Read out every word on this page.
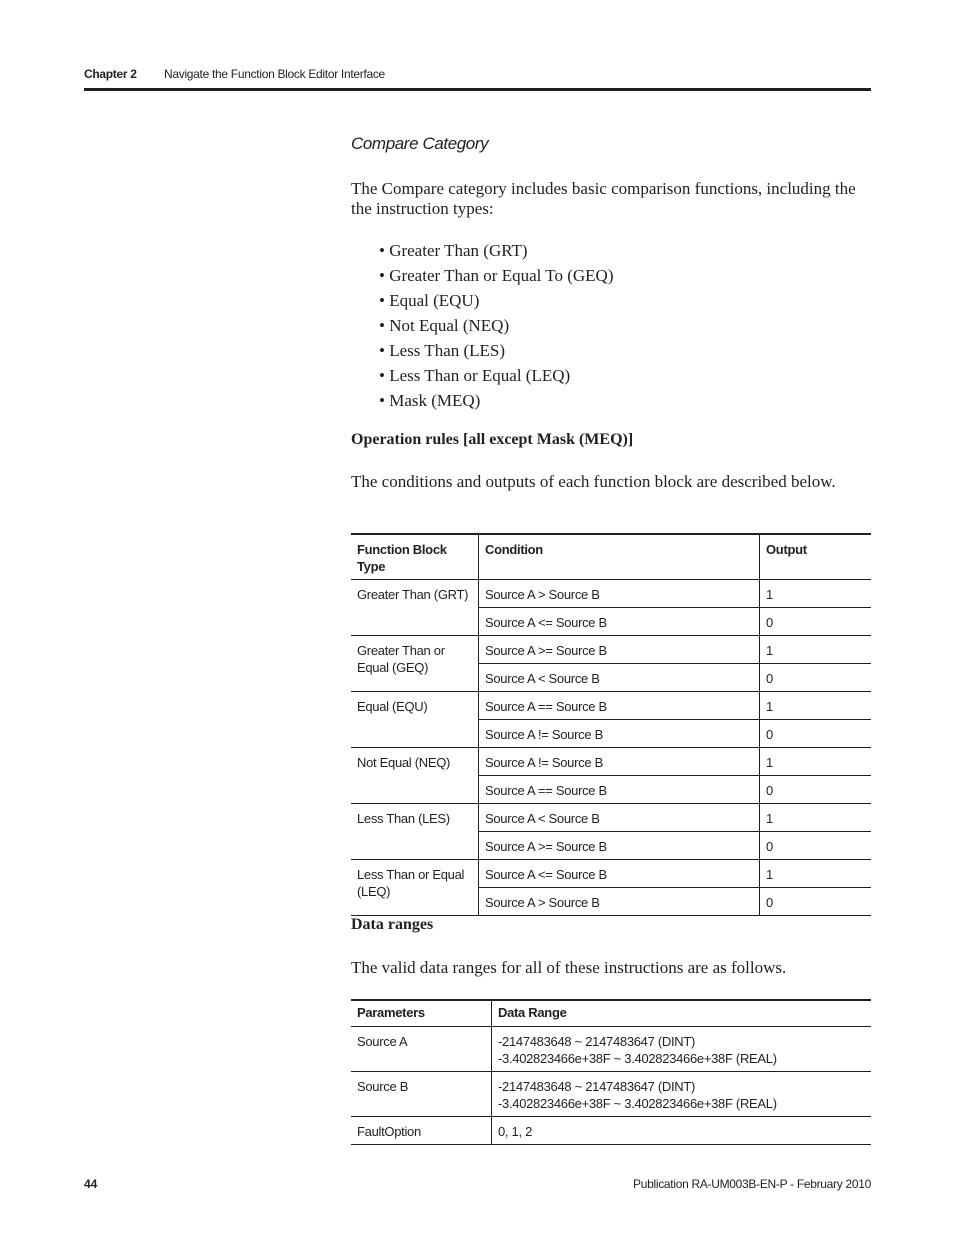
Chapter 2 Navigate the Function Block Editor Interface
Compare Category
The Compare category includes basic comparison functions, including the the instruction types:
• Greater Than (GRT)
• Greater Than or Equal To (GEQ)
• Equal (EQU)
• Not Equal (NEQ)
• Less Than (LES)
• Less Than or Equal (LEQ)
• Mask (MEQ)
Operation rules [all except Mask (MEQ)]
The conditions and outputs of each function block are described below.
Function Block Type	Condition	Output
Greater Than (GRT)	Source A > Source B	1
	Source A <= Source B	0
Greater Than or Equal (GEQ)	Source A >= Source B	1
	Source A < Source B	0
Equal (EQU)	Source A == Source B	1
	Source A != Source B	0
Not Equal (NEQ)	Source A != Source B	1
	Source A == Source B	0
Less Than (LES)	Source A < Source B	1
	Source A >= Source B	0
Less Than or Equal (LEQ)	Source A <= Source B	1
	Source A > Source B	0
Data ranges
The valid data ranges for all of these instructions are as follows.
Parameters	Data Range
Source A	-2147483648 ~ 2147483647 (DINT)
-3.402823466e+38F ~ 3.402823466e+38F (REAL)

Source B	-2147483648 ~ 2147483647 (DINT)
-3.402823466e+38F ~ 3.402823466e+38F (REAL)

FaultOption	0, 1, 2
44	Publication RA-UM003B-EN-P - February 2010
